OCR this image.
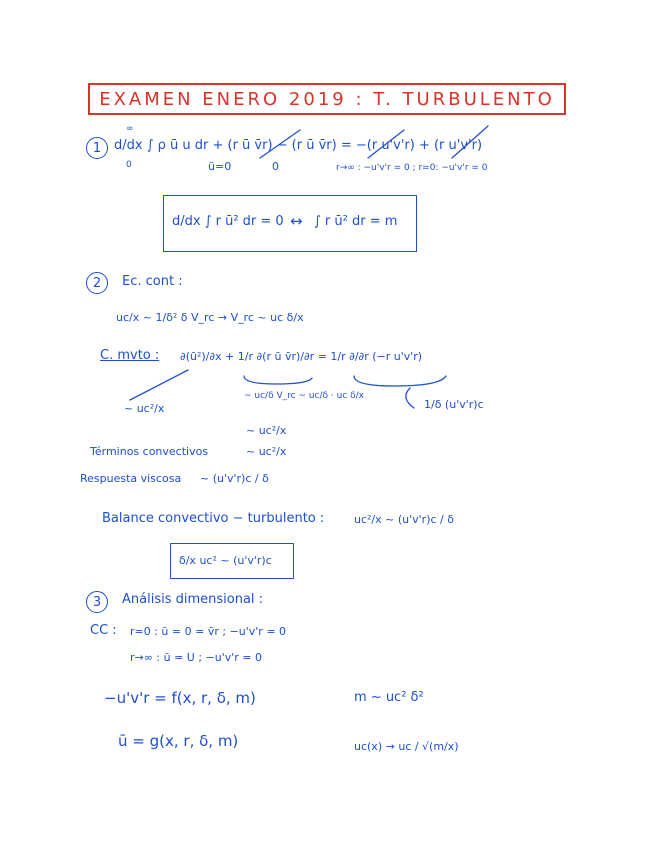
EXAMEN ENERO 2019 : T. TURBULENTO
1 d/dx ∫ ρ ū u dr + (r ū v̄r) − (r ū v̄r) = −(r u'v'r) + (r u'v'r)
∞
0	ū=0	0	r→∞ : −u'v'r = 0 ; r=0: −u'v'r = 0
d/dx ∫ r ū² dr = 0 ↔ ∫ r ū² dr = m
2	Ec. cont :
uc/x ~ 1/δ² δ V_rc → V_rc ~ uc δ/x
C. mvto : ∂(ū²)/∂x + 1/r ∂(r ū v̄r)/∂r = 1/r ∂/∂r (−r u'v'r)
~ uc²/x
~ uc/δ V_rc ~ uc/δ · uc δ/x
~ uc²/x
1/δ (u'v'r)c
Términos convectivos	~ uc²/x
Respuesta viscosa ~ (u'v'r)c / δ
Balance convectivo − turbulento :	uc²/x ~ (u'v'r)c / δ
δ/x uc² ~ (u'v'r)c
3	Análisis dimensional :
CC : r=0 : ū = 0 = v̄r ; −u'v'r = 0
r→∞ : ū = U ; −u'v'r = 0
−u'v'r = f(x, r, δ, m)	m ~ uc² δ²
ū = g(x, r, δ, m)	uc(x) → uc / √(m/x)
